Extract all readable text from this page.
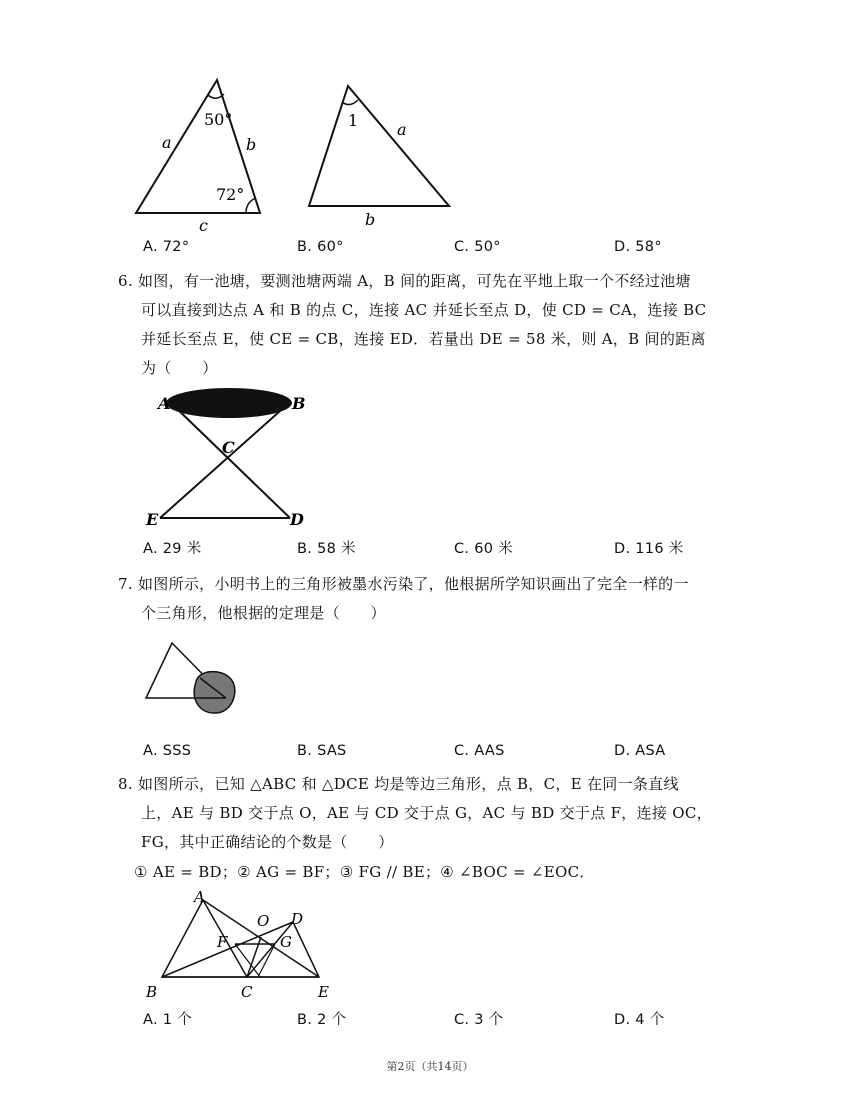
50°
72°
a	b
c
1 a
b
A. 72°	B. 60°	C. 50°	D. 58°
6. 如图，有一池塘，要测池塘两端 A，B 间的距离，可先在平地上取一个不经过池塘
可以直接到达点 A 和 B 的点 C，连接 AC 并延长至点 D，使 CD = CA，连接 BC
并延长至点 E，使 CE = CB，连接 ED．若量出 DE = 58 米，则 A，B 间的距离
为（　　）
A	B
C
E	D
A. 29 米	B. 58 米	C. 60 米	D. 116 米
7. 如图所示，小明书上的三角形被墨水污染了，他根据所学知识画出了完全一样的一
个三角形，他根据的定理是（　　）
A. SSS	B. SAS	C. AAS	D. ASA
8. 如图所示，已知 △ABC 和 △DCE 均是等边三角形，点 B，C，E 在同一条直线
上，AE 与 BD 交于点 O，AE 与 CD 交于点 G，AC 与 BD 交于点 F，连接 OC，
FG，其中正确结论的个数是（　　）
① AE = BD；② AG = BF；③ FG // BE；④ ∠BOC = ∠EOC．
A
B	C	E
D
O
F	G
A. 1 个	B. 2 个	C. 3 个	D. 4 个
第2页（共14页）
